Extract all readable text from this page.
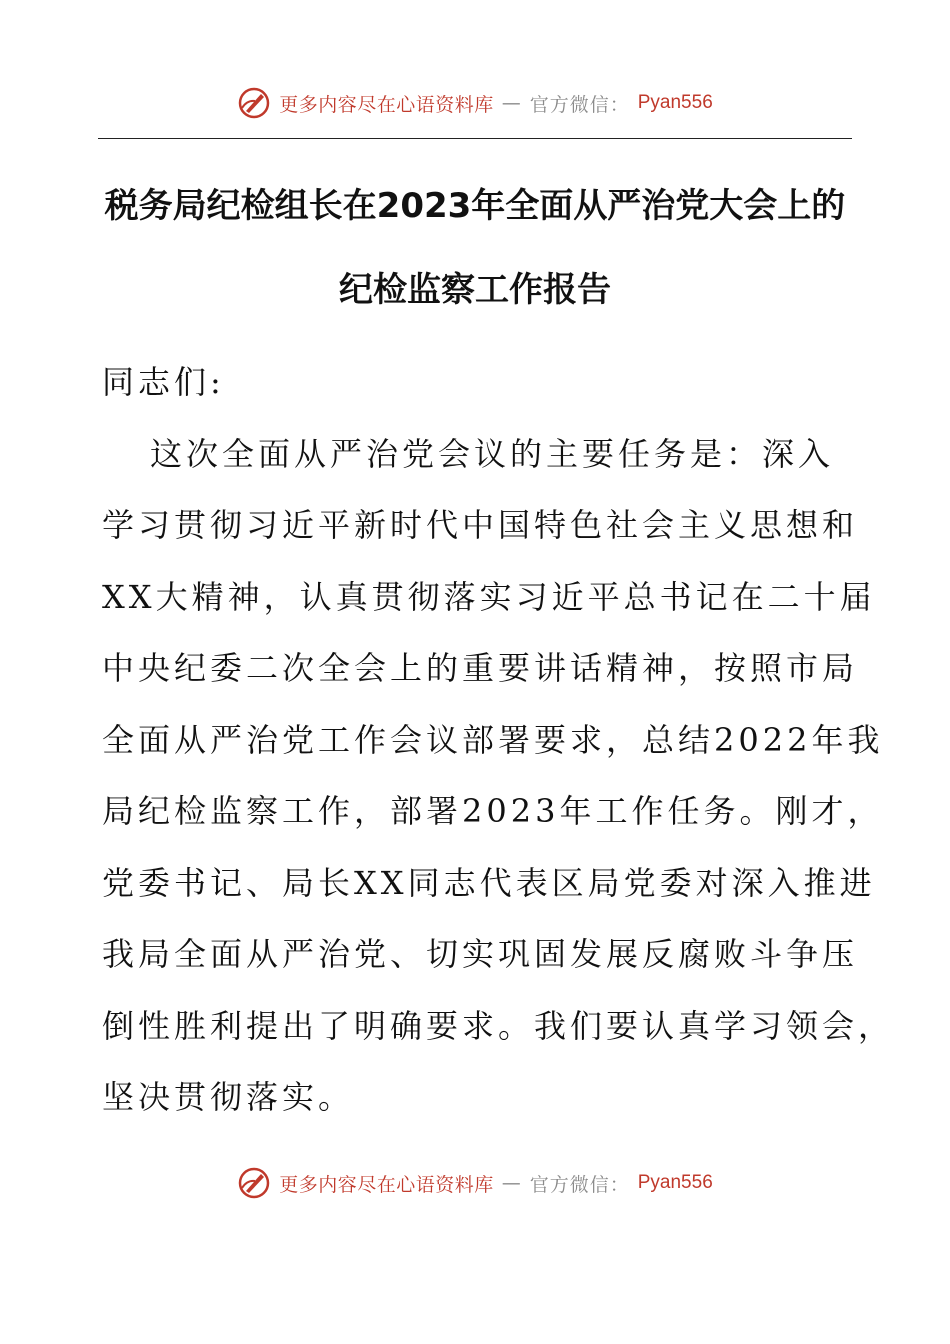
更多内容尽在心语资料库 — 官方微信： Pyan556
税务局纪检组长在2023年全面从严治党大会上的
纪检监察工作报告
同志们:
这次全面从严治党会议的主要任务是：深入
学习贯彻习近平新时代中国特色社会主义思想和
XX大精神，认真贯彻落实习近平总书记在二十届
中央纪委二次全会上的重要讲话精神，按照市局
全面从严治党工作会议部署要求，总结2022年我
局纪检监察工作，部署2023年工作任务。刚才，
党委书记、局长XX同志代表区局党委对深入推进
我局全面从严治党、切实巩固发展反腐败斗争压
倒性胜利提出了明确要求。我们要认真学习领会，
坚决贯彻落实。
更多内容尽在心语资料库 — 官方微信： Pyan556
